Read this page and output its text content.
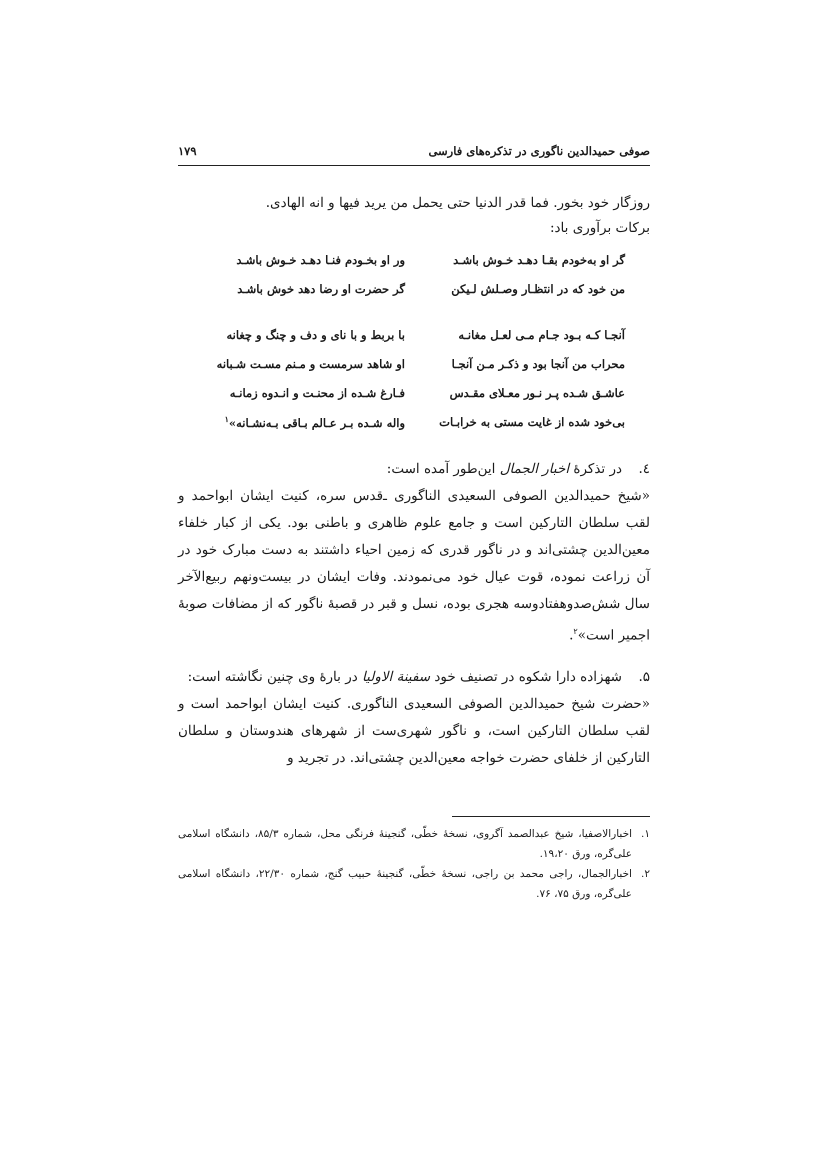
صوفی حمیدالدین ناگوری در تذکره‌های فارسی
۱۷۹

روزگار خود بخور. فما قدر الدنیا حتی یحمل من یرید فیها و انه الهادی.

برکات برآوری باد:

گر او به‌خودم بقـا دهـد خـوش باشـد
ور او بخـودم فنـا دهـد خـوش باشـد
من خود که در انتظـار وصـلش لـیکن
گر حضرت او رضا دهد خوش باشـد
آنجـا کـه بـود جـام مـی لعـل مغانـه
با بربط و با نای و دف و چنگ و چغانه
محراب من آنجا بود و ذکـر مـن آنجـا
او شاهد سرمست و مـنم مسـت شـبانه
عاشـق شـده پـر نـور معـلای مقـدس
فـارغ شـده از محنـت و انـدوه زمانـه
بی‌خود شده از غایت مستی به خرابـات
واله شـده بـر عـالم بـاقی بـه‌نشـانه»$^۱$
٤.
در تذکرهٔ اخبار الجمال این‌طور آمده است:
«شیخ حمیدالدین الصوفی السعیدی الناگوری ـ‌قدس سره، کنیت ایشان ابواحمد و لقب سلطان التارکین است و جامع علوم ظاهری و باطنی بود. یکی از کبار خلفاء معین‌الدین چشتی‌اند و در ناگور قدری که زمین احیاء داشتند به دست مبارک خود در آن زراعت نموده، قوت عیال خود می‌نمودند. وفات ایشان در بیست‌ونهم ربیع‌الآخر سال شش‌صدوهفتادوسه هجری بوده، نسل و قبر در قصبهٔ ناگور که از مضافات صوبهٔ اجمیر است»$^۲$.
۵.
شهزاده دارا شکوه در تصنیف خود سفینة الاولیا در بارهٔ وی چنین نگاشته است:
«حضرت شیخ حمیدالدین الصوفی السعیدی الناگوری. کنیت ایشان ابواحمد است و لقب سلطان التارکین است، و ناگور شهری‌ست از شهرهای هندوستان و سلطان التارکین از خلفای حضرت خواجه معین‌الدین چشتی‌اند. در تجرید و
۱.
اخبارالاصفیا، شیخ عبدالصمد آگروی، نسخهٔ خطّی، گنجینهٔ فرنگی محل، شماره ۸۵/۳، دانشگاه اسلامی علی‌گره، ورق ۱۹،۲۰.
۲.
اخبارالجمال، راجی محمد بن راجی، نسخهٔ خطّی، گنجینهٔ حبیب گنج، شماره ۲۲/۳۰، دانشگاه اسلامی علی‌گره، ورق ۷۵، ۷۶.
